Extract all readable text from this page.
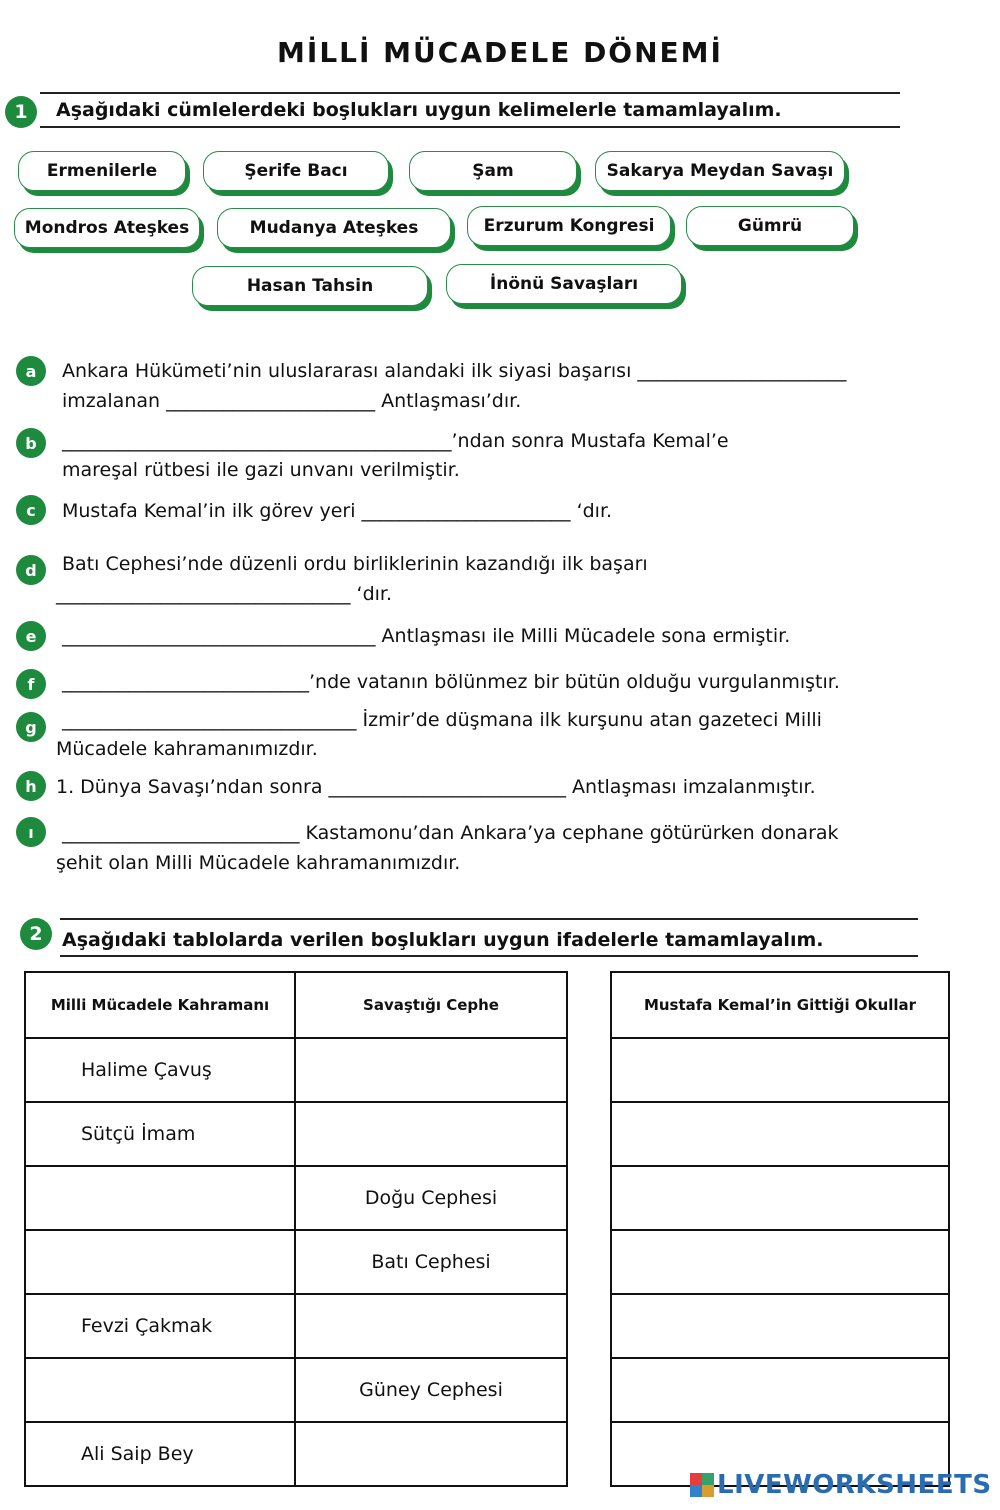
MİLLİ MÜCADELE DÖNEMİ
1	Aşağıdaki cümlelerdeki boşlukları uygun kelimelerle tamamlayalım.
Ermenilerle	Şerife Bacı	Şam	Sakarya Meydan Savaşı
Mondros Ateşkes	Mudanya Ateşkes	Erzurum Kongresi	Gümrü
Hasan Tahsin	İnönü Savaşları
a	Ankara Hükümeti’nin uluslararası alandaki ilk siyasi başarısı ______________________
imzalanan ______________________ Antlaşması’dır.
b	_________________________________________’ndan sonra Mustafa Kemal’e
mareşal rütbesi ile gazi unvanı verilmiştir.
c	Mustafa Kemal’in ilk görev yeri ______________________ ‘dır.
d	Batı Cephesi’nde düzenli ordu birliklerinin kazandığı ilk başarı
_______________________________ ‘dır.
e	_________________________________ Antlaşması ile Milli Mücadele sona ermiştir.
f	__________________________’nde vatanın bölünmez bir bütün olduğu vurgulanmıştır.
g	_______________________________ İzmir’de düşmana ilk kurşunu atan gazeteci Milli
Mücadele kahramanımızdır.
h	1. Dünya Savaşı’ndan sonra _________________________ Antlaşması imzalanmıştır.
ı	_________________________ Kastamonu’dan Ankara’ya cephane götürürken donarak
şehit olan Milli Mücadele kahramanımızdır.
2	Aşağıdaki tablolarda verilen boşlukları uygun ifadelerle tamamlayalım.
Milli Mücadele Kahramanı	Savaştığı Cephe
Halime Çavuş	
Sütçü İmam	
	Doğu Cephesi
	Batı Cephesi
Fevzi Çakmak	
	Güney Cephesi
Ali Saip Bey	
Mustafa Kemal’in Gittiği Okullar

LIVEWORKSHEETS
